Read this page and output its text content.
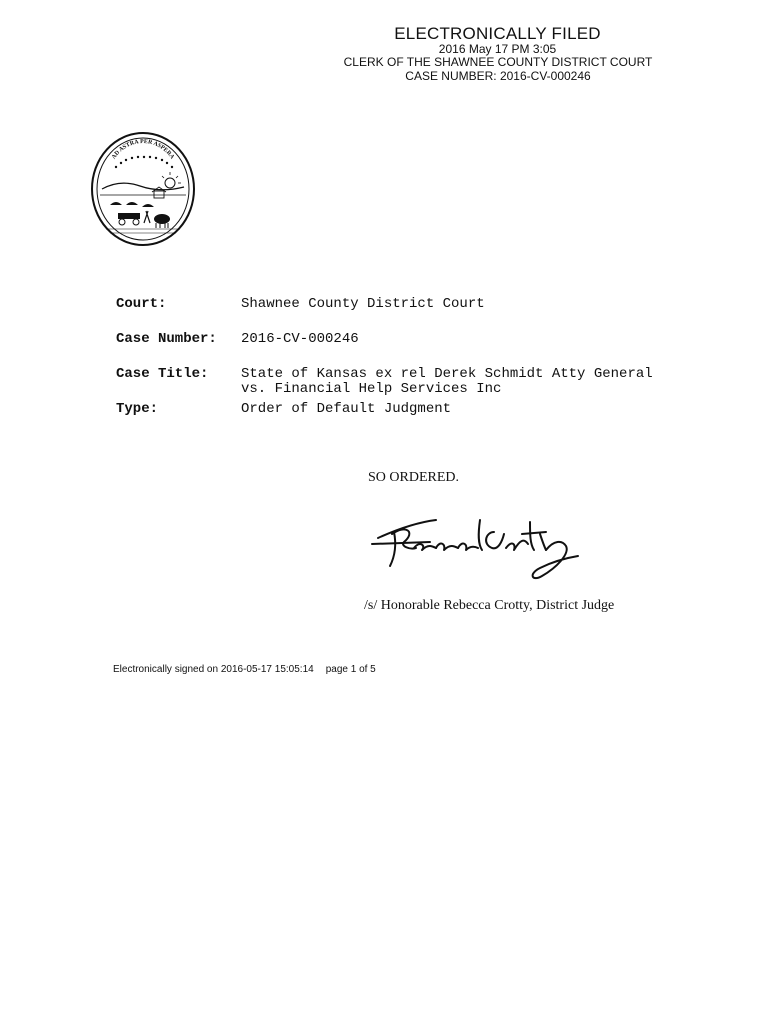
ELECTRONICALLY FILED
2016 May 17 PM 3:05
CLERK OF THE SHAWNEE COUNTY DISTRICT COURT
CASE NUMBER: 2016-CV-000246
AD ASTRA PER ASPERA
Court:	Shawnee County District Court
Case Number: 2016-CV-000246
Case Title: State of Kansas ex rel Derek Schmidt Atty General
vs. Financial Help Services Inc
Type:	Order of Default Judgment
SO ORDERED.
/s/ Honorable Rebecca Crotty, District Judge
Electronically signed on 2016-05-17 15:05:14 page 1 of 5
